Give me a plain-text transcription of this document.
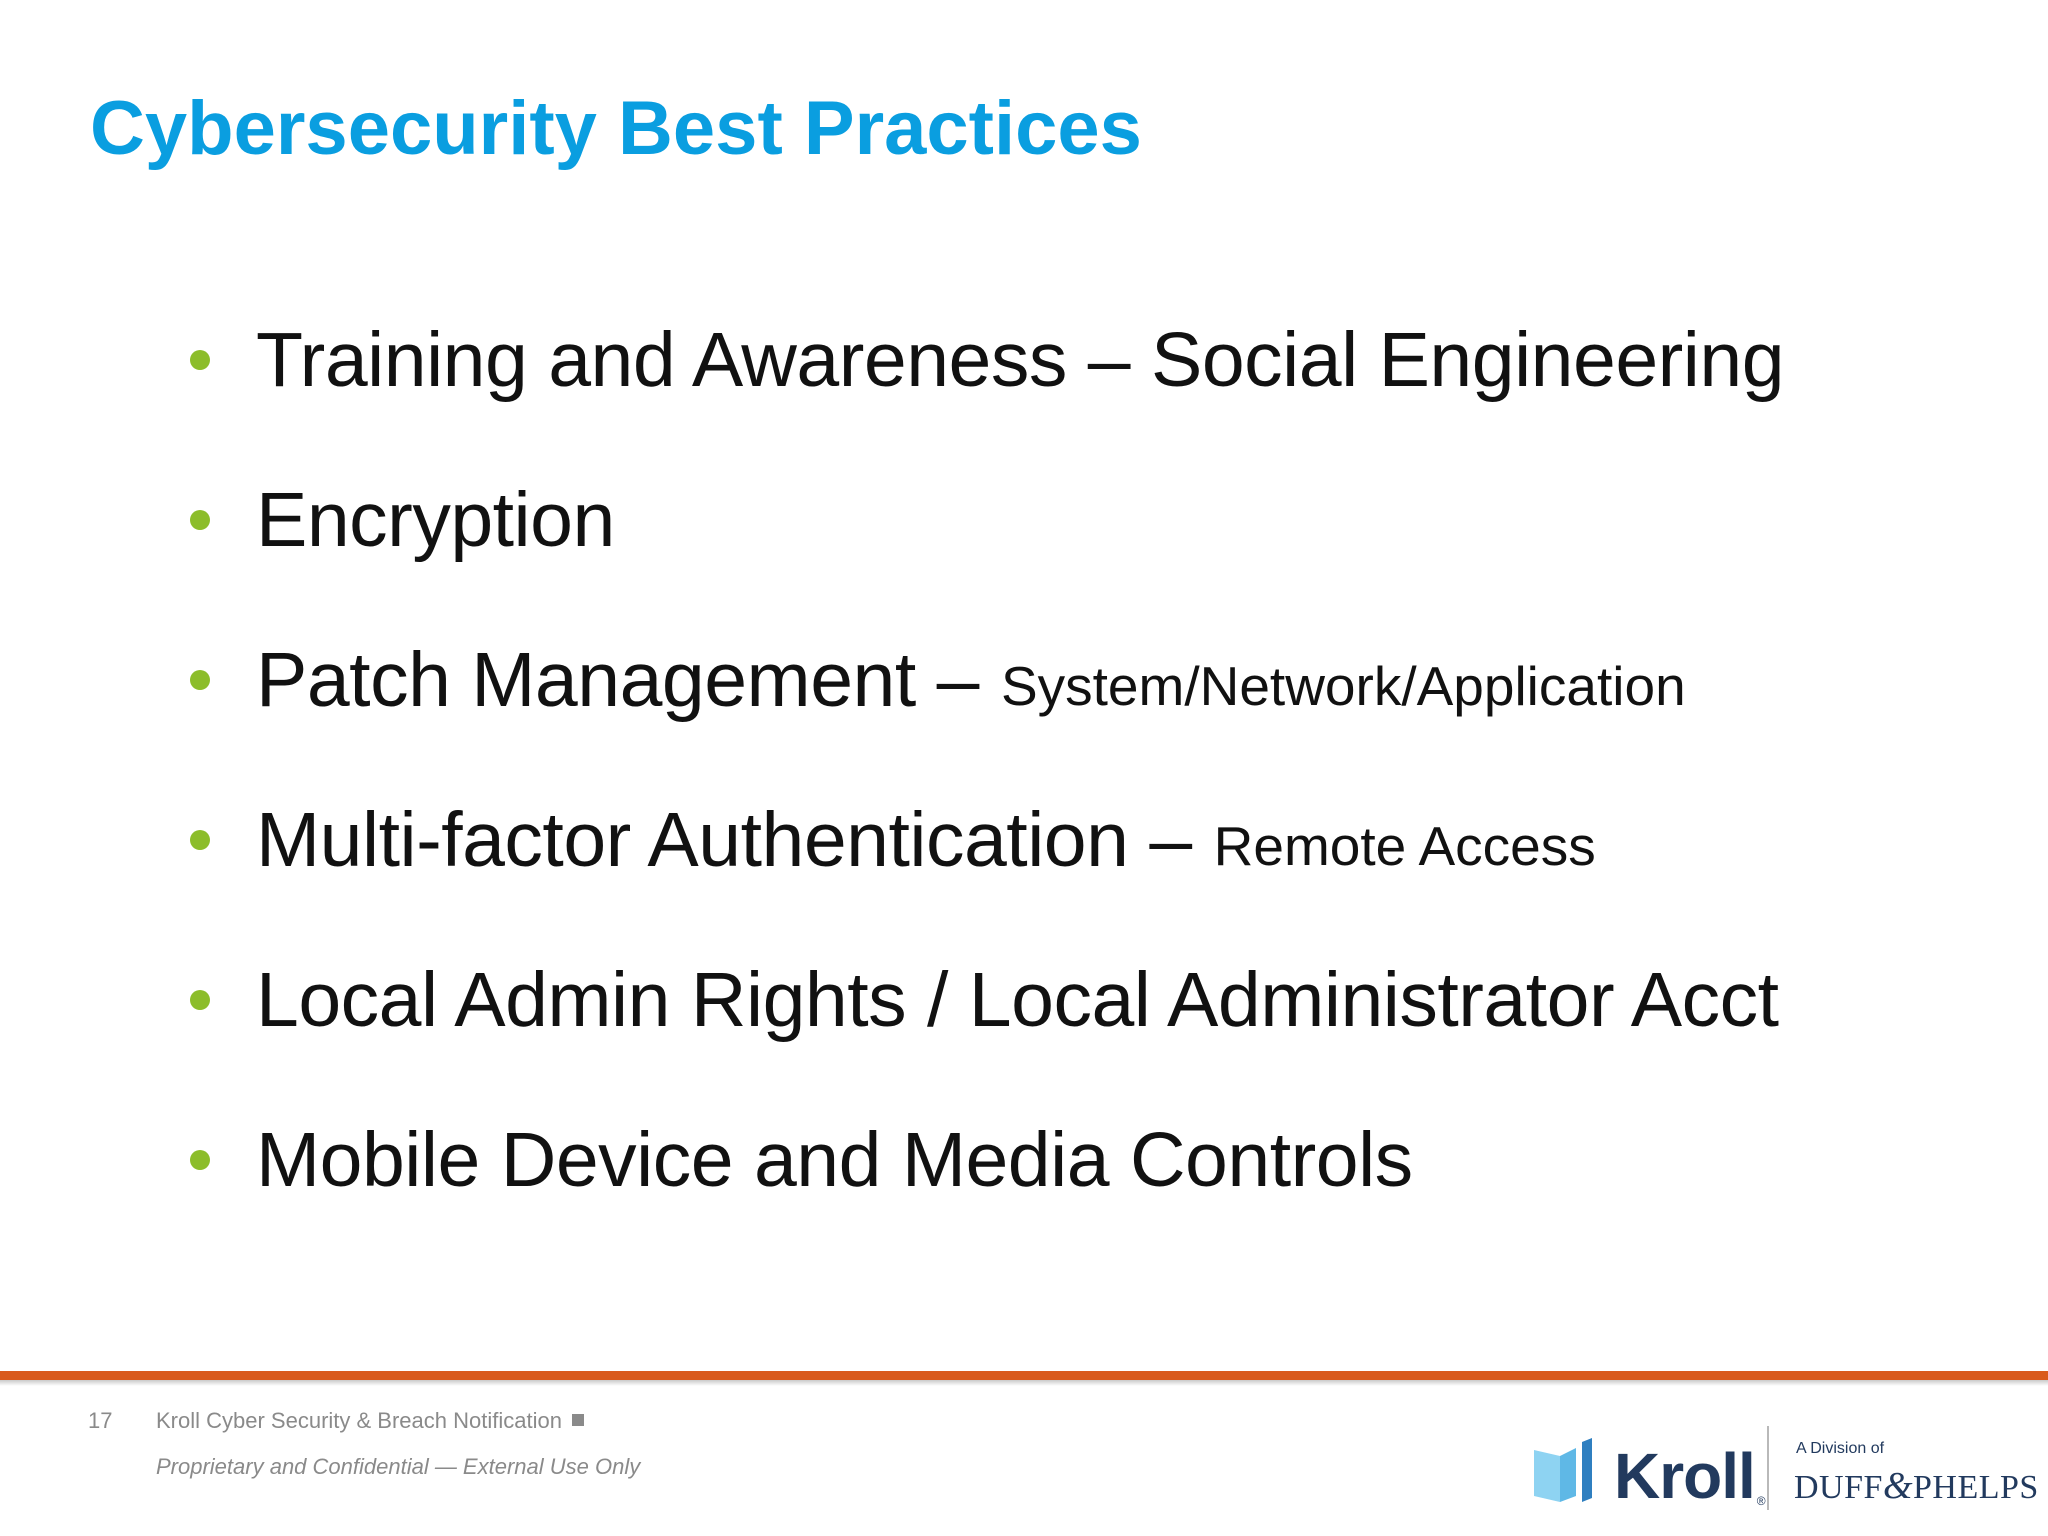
Cybersecurity Best Practices
Training and Awareness – Social Engineering
Encryption
Patch Management – System/Network/Application
Multi-factor Authentication – Remote Access
Local Admin Rights / Local Administrator Acct
Mobile Device and Media Controls
17 Kroll Cyber Security & Breach Notification
Proprietary and Confidential — External Use Only	Kroll ®
A Division of
DUFF&PHELPS
